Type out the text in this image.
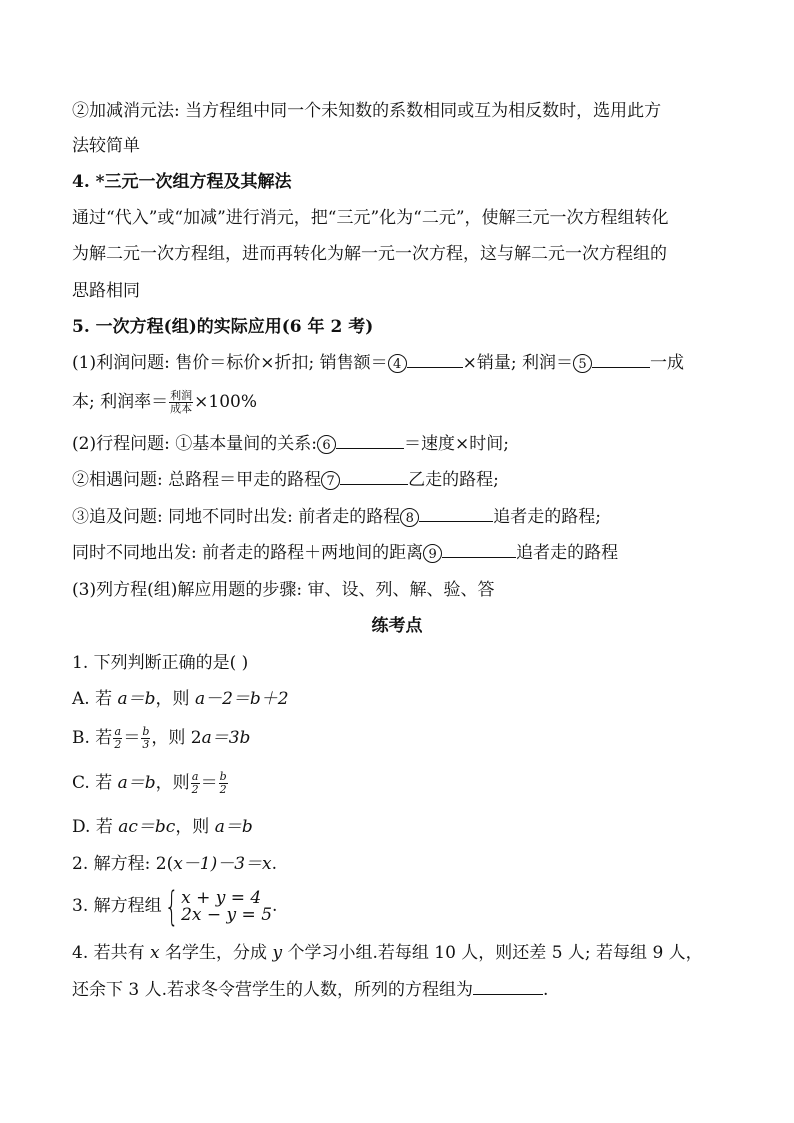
②加减消元法: 当方程组中同一个未知数的系数相同或互为相反数时，选用此方
法较简单
4. *三元一次组方程及其解法
通过“代入”或“加减”进行消元，把“三元”化为“二元”，使解三元一次方程组转化
为解二元一次方程组，进而再转化为解一元一次方程，这与解二元一次方程组的
思路相同
5. 一次方程(组)的实际应用(6 年 2 考)
(1)利润问题: 售价＝标价×折扣; 销售额＝ 4	×销量; 利润＝ 5	一成
本; 利润率＝ $\frac{\text{利润}}{\text{成本}} \times 100\%$
(2)行程问题: ①基本量间的关系: 6	＝速度×时间;
②相遇问题: 总路程＝甲走的路程 7	乙走的路程;
③追及问题: 同地不同时出发: 前者走的路程 8	追者走的路程;
同时不同地出发: 前者走的路程＋两地间的距离 9	追者走的路程
(3)列方程(组)解应用题的步骤: 审、设、列、解、验、答
练考点
1. 下列判断正确的是( )
A. 若 a＝b，则 a－2＝b＋2
B. 若 $\frac{a}{2} = \frac{b}{3}$ ，则 2a＝3b
C. 若 a＝b，则 $\frac{a}{2} = \frac{b}{2}$
D. 若 ac＝bc，则 a＝b
2. 解方程: 2(x－1)－3＝x.
3. 解方程组{ x + y = 4
2x − y = 5 .
4. 若共有 x 名学生，分成 y 个学习小组.若每组 10 人，则还差 5 人; 若每组 9 人，
还余下 3 人.若求冬令营学生的人数，所列的方程组为	.
